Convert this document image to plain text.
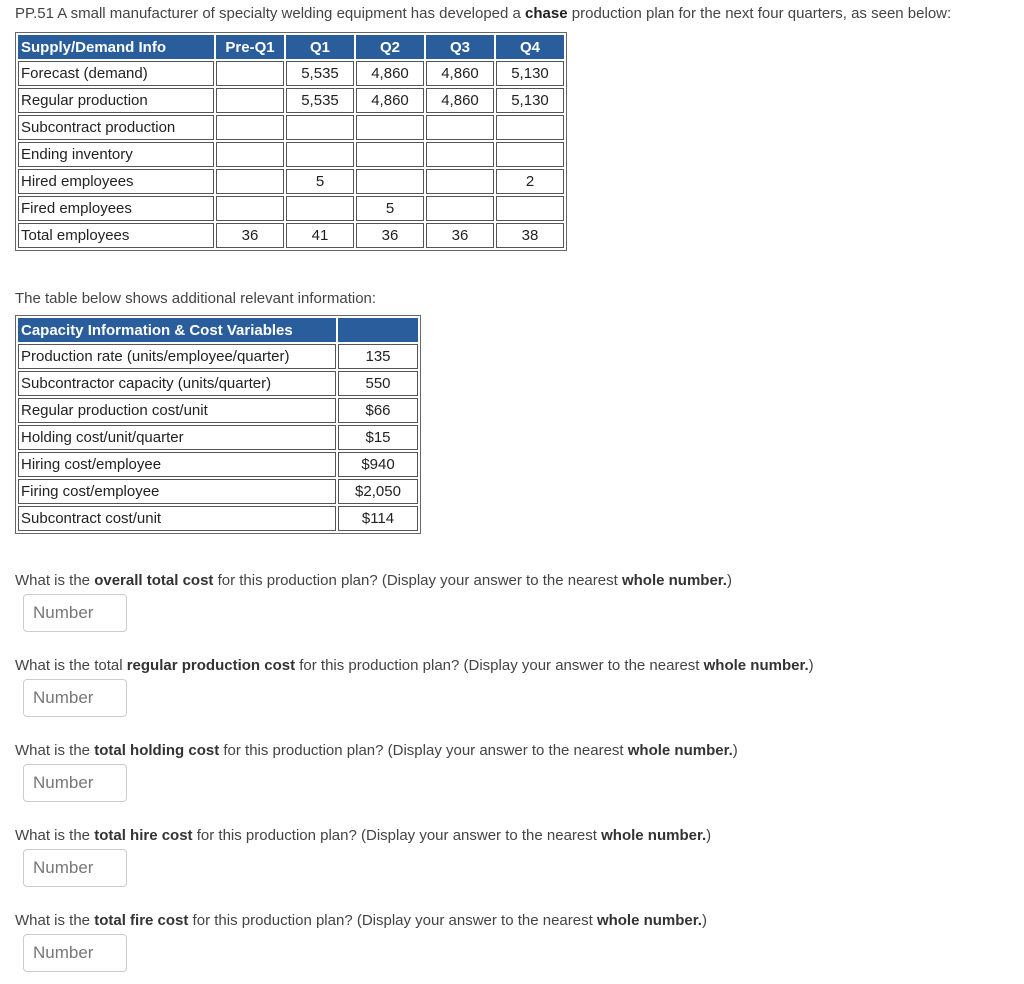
PP.51 A small manufacturer of specialty welding equipment has developed a chase production plan for the next four quarters, as seen below:
Supply/Demand Info	Pre-Q1	Q1	Q2	Q3	Q4
Forecast (demand)		5,535	4,860	4,860	5,130
Regular production		5,535	4,860	4,860	5,130
Subcontract production					
Ending inventory					
Hired employees		5			2
Fired employees			5		
Total employees	36	41	36	36	38
The table below shows additional relevant information:
Capacity Information & Cost Variables	
Production rate (units/employee/quarter)	135
Subcontractor capacity (units/quarter)	550
Regular production cost/unit	$66
Holding cost/unit/quarter	$15
Hiring cost/employee	$940
Firing cost/employee	$2,050
Subcontract cost/unit	$114
What is the overall total cost for this production plan? (Display your answer to the nearest whole number.)
Number
What is the total regular production cost for this production plan? (Display your answer to the nearest whole number.)
Number
What is the total holding cost for this production plan? (Display your answer to the nearest whole number.)
Number
What is the total hire cost for this production plan? (Display your answer to the nearest whole number.)
Number
What is the total fire cost for this production plan? (Display your answer to the nearest whole number.)
Number
